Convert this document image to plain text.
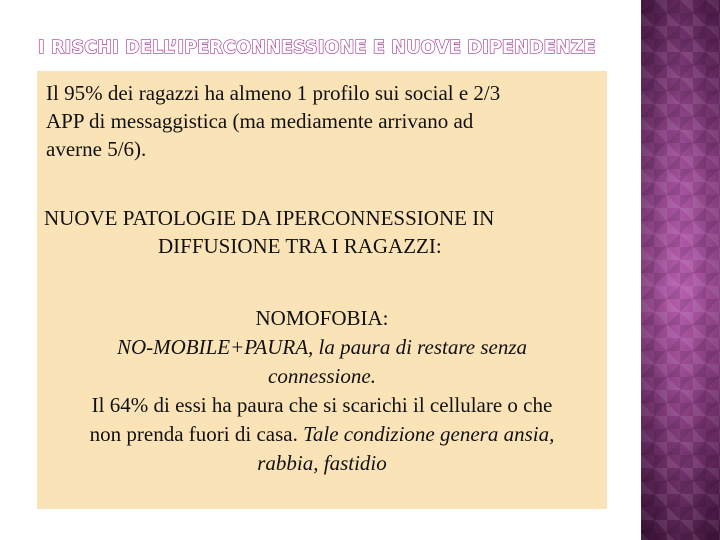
I RISCHI DELL’IPERCONNESSIONE E NUOVE DIPENDENZE
Il 95% dei ragazzi ha almeno 1 profilo sui social e 2/3
APP di messaggistica (ma mediamente arrivano ad
averne 5/6).
NUOVE PATOLOGIE DA IPERCONNESSIONE IN
DIFFUSIONE TRA I RAGAZZI:
NOMOFOBIA:
NO-MOBILE+PAURA, la paura di restare senza
connessione.
Il 64% di essi ha paura che si scarichi il cellulare o che
non prenda fuori di casa. Tale condizione genera ansia,
rabbia, fastidio
